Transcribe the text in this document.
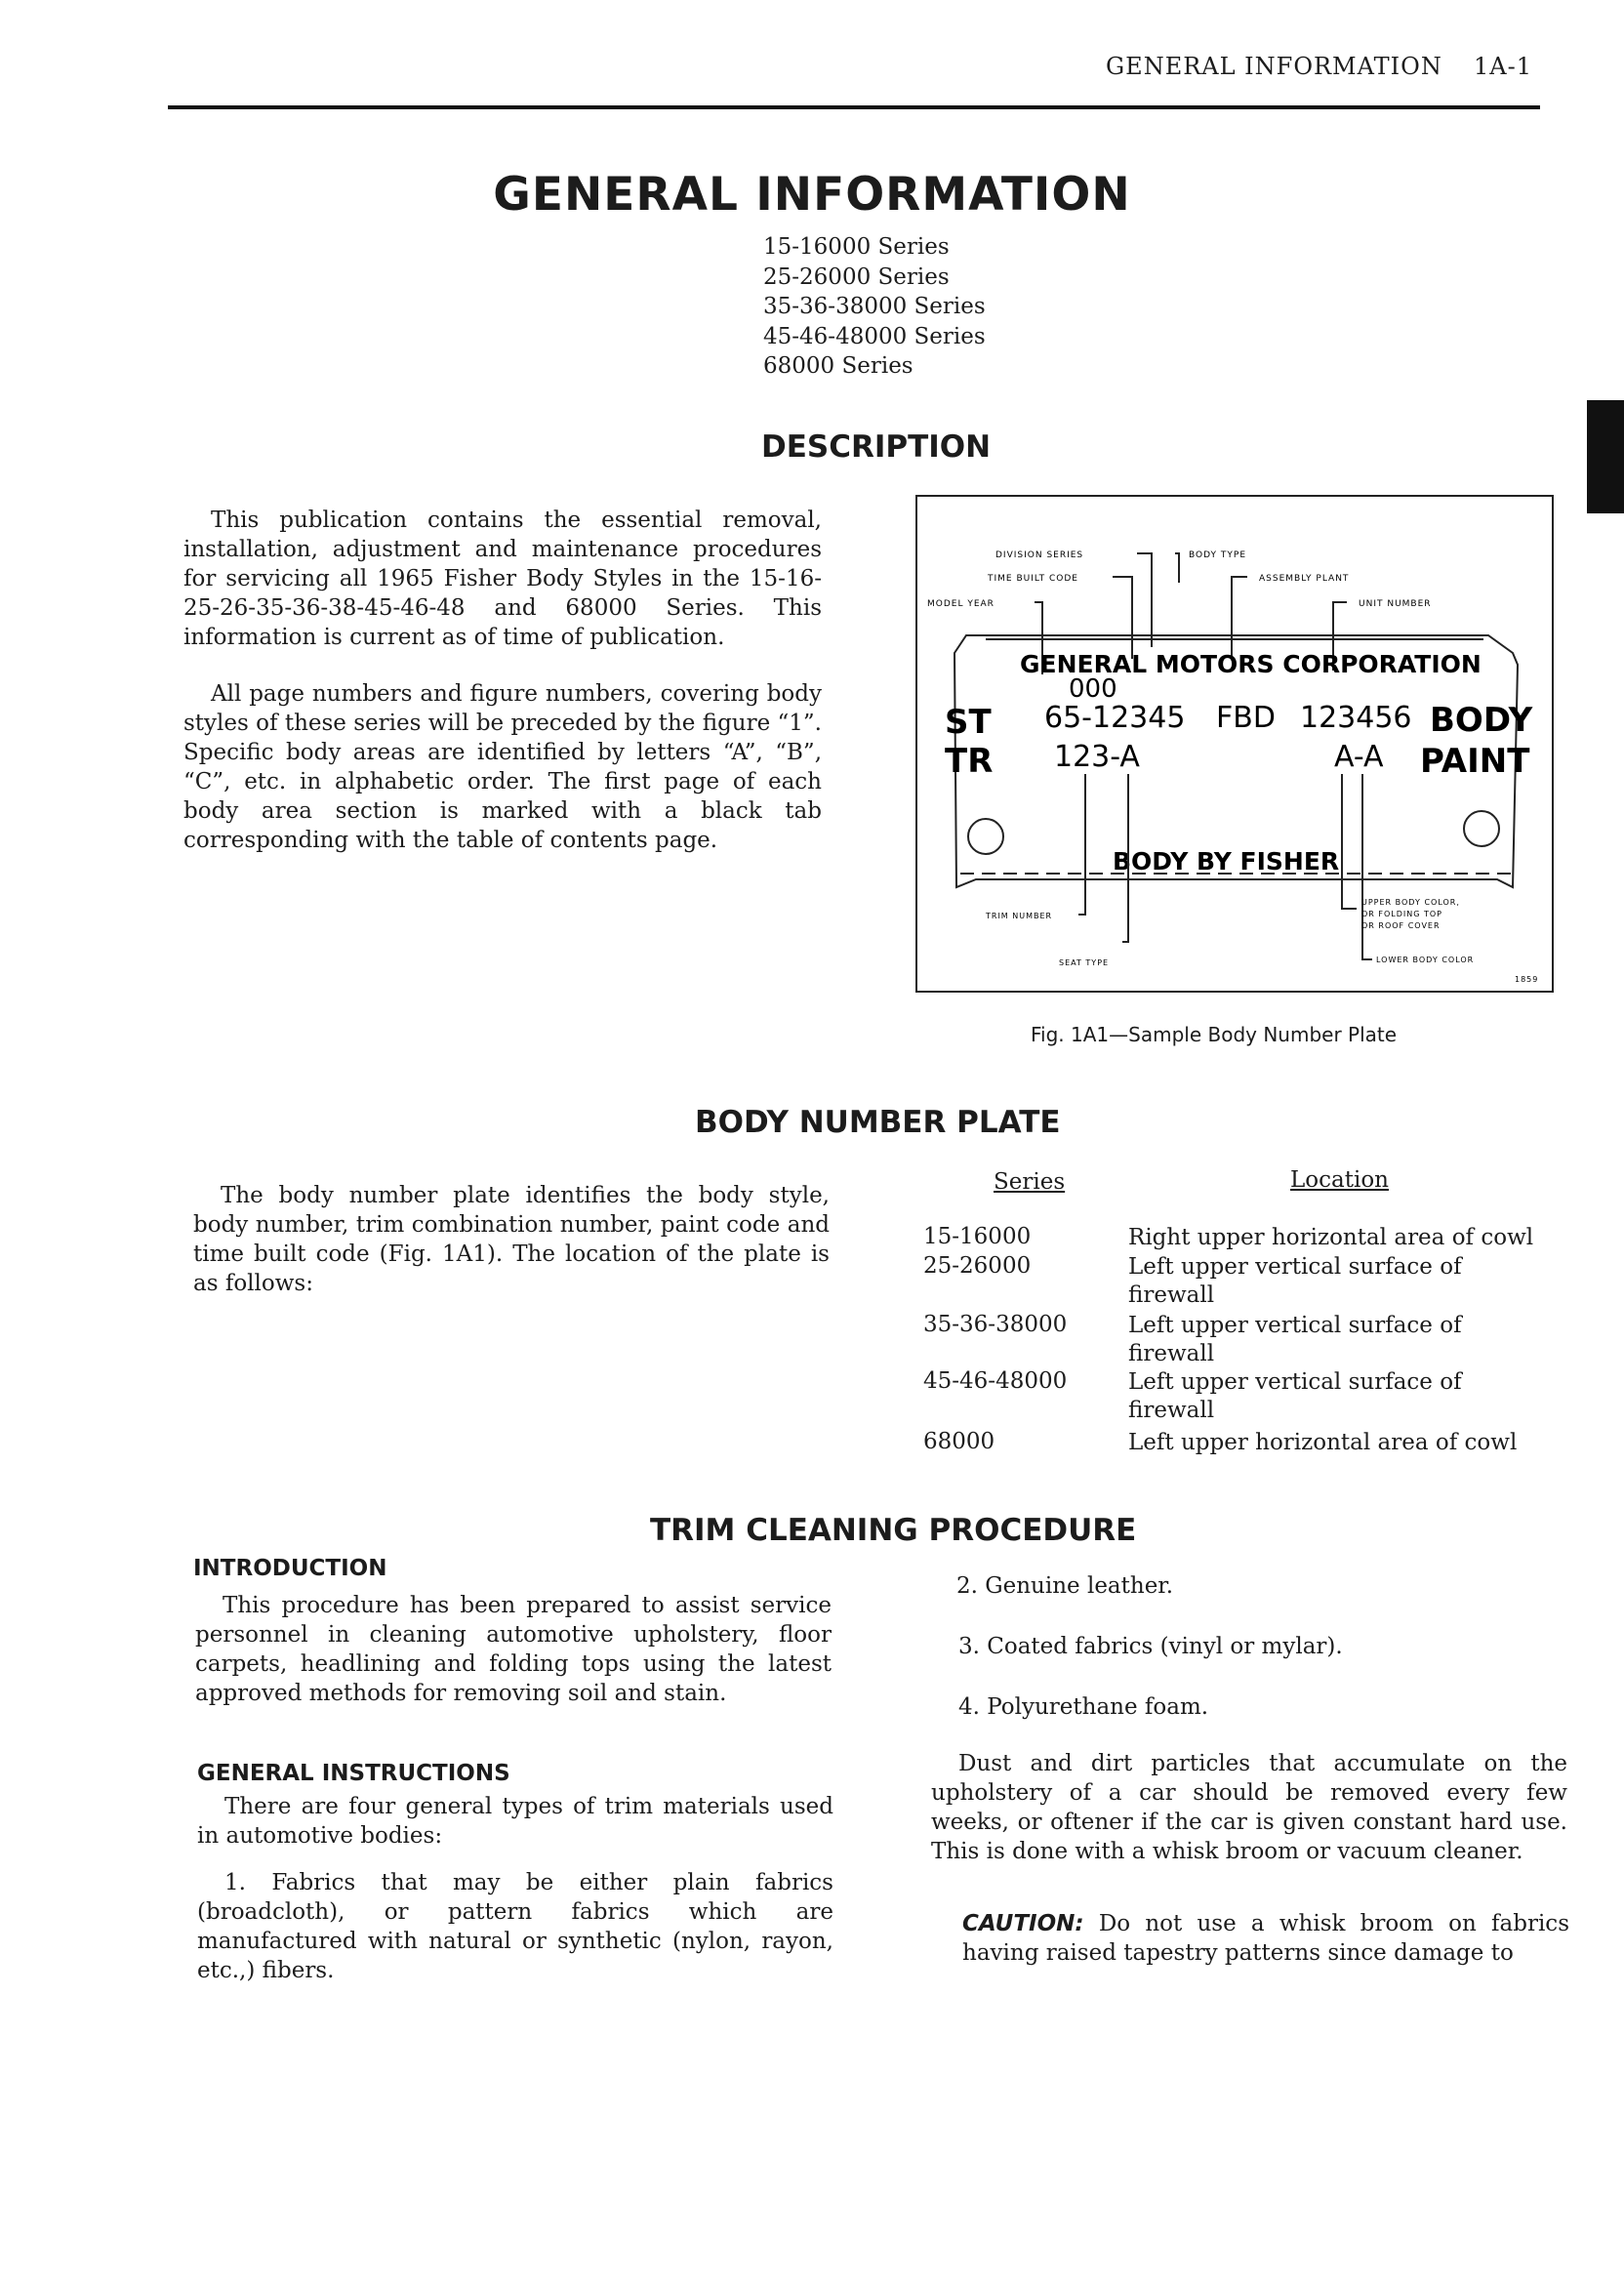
GENERAL INFORMATION 1A-1
GENERAL INFORMATION
15-16000 Series
25-26000 Series
35-36-38000 Series
45-46-48000 Series
68000 Series
DESCRIPTION

This publication contains the essential removal, installation, adjustment and maintenance procedures for servicing all 1965 Fisher Body Styles in the 15-16-25-26-35-36-38-45-46-48 and 68000 Series. This information is current as of time of publication.

All page numbers and figure numbers, covering body styles of these series will be preceded by the figure “1”. Specific body areas are identified by letters “A”, “B”, “C”, etc. in alphabetic order. The first page of each body area section is marked with a black tab corresponding with the table of contents page.

DIVISION SERIES	BODY TYPE
TIME BUILT CODE	ASSEMBLY PLANT
MODEL YEAR	UNIT NUMBER
GENERAL MOTORS CORPORATION
000
ST 65-12345 FBD 123456 BODY
TR 123-A	A-A PAINT
BODY BY FISHER
TRIM NUMBER
SEAT TYPE
UPPER BODY COLOR,
OR FOLDING TOP
OR ROOF COVER
LOWER BODY COLOR
1859
Fig. 1A1—Sample Body Number Plate
BODY NUMBER PLATE

The body number plate identifies the body style, body number, trim combination number, paint code and time built code (Fig. 1A1). The location of the plate is as follows:

Series	Location
15-16000	Right upper horizontal area of cowl
25-26000	Left upper vertical surface of firewall
35-36-38000	Left upper vertical surface of firewall
45-46-48000	Left upper vertical surface of firewall
68000	Left upper horizontal area of cowl
TRIM CLEANING PROCEDURE
INTRODUCTION

This procedure has been prepared to assist service personnel in cleaning automotive upholstery, floor carpets, headlining and folding tops using the latest approved methods for removing soil and stain.

GENERAL INSTRUCTIONS

There are four general types of trim materials used in automotive bodies:

1. Fabrics that may be either plain fabrics (broadcloth), or pattern fabrics which are manufactured with natural or synthetic (nylon, rayon, etc.,) fibers.

2. Genuine leather.
3. Coated fabrics (vinyl or mylar).
4. Polyurethane foam.

Dust and dirt particles that accumulate on the upholstery of a car should be removed every few weeks, or oftener if the car is given constant hard use. This is done with a whisk broom or vacuum cleaner.

CAUTION: Do not use a whisk broom on fabrics having raised tapestry patterns since damage to
